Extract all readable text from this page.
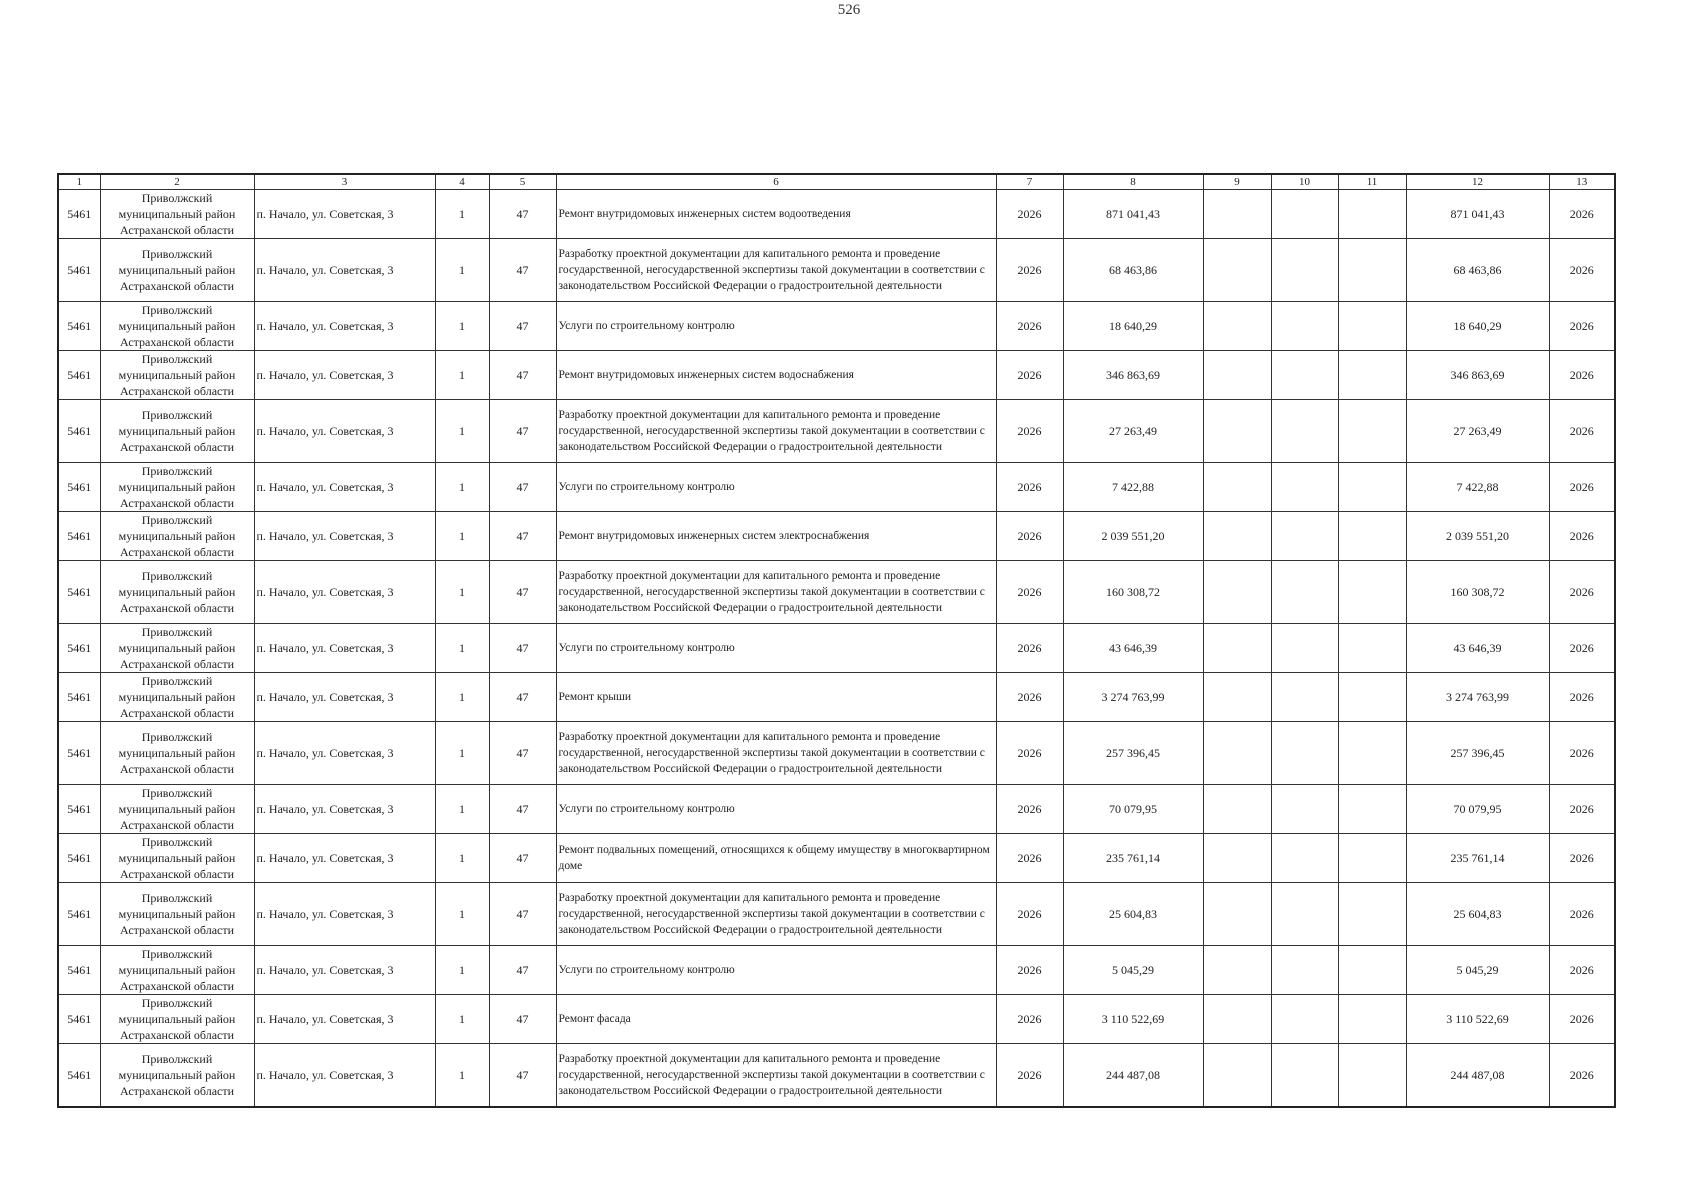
526
1	2	3	4	5	6	7	8	9	10	11	12	13
5461	Приволжский муниципальный район Астраханской области	п. Начало, ул. Советская, 3	1	47	Ремонт внутридомовых инженерных систем водоотведения	2026	871 041,43				871 041,43	2026
5461	Приволжский муниципальный район Астраханской области	п. Начало, ул. Советская, 3	1	47	Разработку проектной документации для капитального ремонта и проведение государственной, негосударственной экспертизы такой документации в соответствии с законодательством Российской Федерации о градостроительной деятельности	2026	68 463,86				68 463,86	2026
5461	Приволжский муниципальный район Астраханской области	п. Начало, ул. Советская, 3	1	47	Услуги по строительному контролю	2026	18 640,29				18 640,29	2026
5461	Приволжский муниципальный район Астраханской области	п. Начало, ул. Советская, 3	1	47	Ремонт внутридомовых инженерных систем водоснабжения	2026	346 863,69				346 863,69	2026
5461	Приволжский муниципальный район Астраханской области	п. Начало, ул. Советская, 3	1	47	Разработку проектной документации для капитального ремонта и проведение государственной, негосударственной экспертизы такой документации в соответствии с законодательством Российской Федерации о градостроительной деятельности	2026	27 263,49				27 263,49	2026
5461	Приволжский муниципальный район Астраханской области	п. Начало, ул. Советская, 3	1	47	Услуги по строительному контролю	2026	7 422,88				7 422,88	2026
5461	Приволжский муниципальный район Астраханской области	п. Начало, ул. Советская, 3	1	47	Ремонт внутридомовых инженерных систем электроснабжения	2026	2 039 551,20				2 039 551,20	2026
5461	Приволжский муниципальный район Астраханской области	п. Начало, ул. Советская, 3	1	47	Разработку проектной документации для капитального ремонта и проведение государственной, негосударственной экспертизы такой документации в соответствии с законодательством Российской Федерации о градостроительной деятельности	2026	160 308,72				160 308,72	2026
5461	Приволжский муниципальный район Астраханской области	п. Начало, ул. Советская, 3	1	47	Услуги по строительному контролю	2026	43 646,39				43 646,39	2026
5461	Приволжский муниципальный район Астраханской области	п. Начало, ул. Советская, 3	1	47	Ремонт крыши	2026	3 274 763,99				3 274 763,99	2026
5461	Приволжский муниципальный район Астраханской области	п. Начало, ул. Советская, 3	1	47	Разработку проектной документации для капитального ремонта и проведение государственной, негосударственной экспертизы такой документации в соответствии с законодательством Российской Федерации о градостроительной деятельности	2026	257 396,45				257 396,45	2026
5461	Приволжский муниципальный район Астраханской области	п. Начало, ул. Советская, 3	1	47	Услуги по строительному контролю	2026	70 079,95				70 079,95	2026
5461	Приволжский муниципальный район Астраханской области	п. Начало, ул. Советская, 3	1	47	Ремонт подвальных помещений, относящихся к общему имуществу в многоквартирном доме	2026	235 761,14				235 761,14	2026
5461	Приволжский муниципальный район Астраханской области	п. Начало, ул. Советская, 3	1	47	Разработку проектной документации для капитального ремонта и проведение государственной, негосударственной экспертизы такой документации в соответствии с законодательством Российской Федерации о градостроительной деятельности	2026	25 604,83				25 604,83	2026
5461	Приволжский муниципальный район Астраханской области	п. Начало, ул. Советская, 3	1	47	Услуги по строительному контролю	2026	5 045,29				5 045,29	2026
5461	Приволжский муниципальный район Астраханской области	п. Начало, ул. Советская, 3	1	47	Ремонт фасада	2026	3 110 522,69				3 110 522,69	2026
5461	Приволжский муниципальный район Астраханской области	п. Начало, ул. Советская, 3	1	47	Разработку проектной документации для капитального ремонта и проведение государственной, негосударственной экспертизы такой документации в соответствии с законодательством Российской Федерации о градостроительной деятельности	2026	244 487,08				244 487,08	2026
